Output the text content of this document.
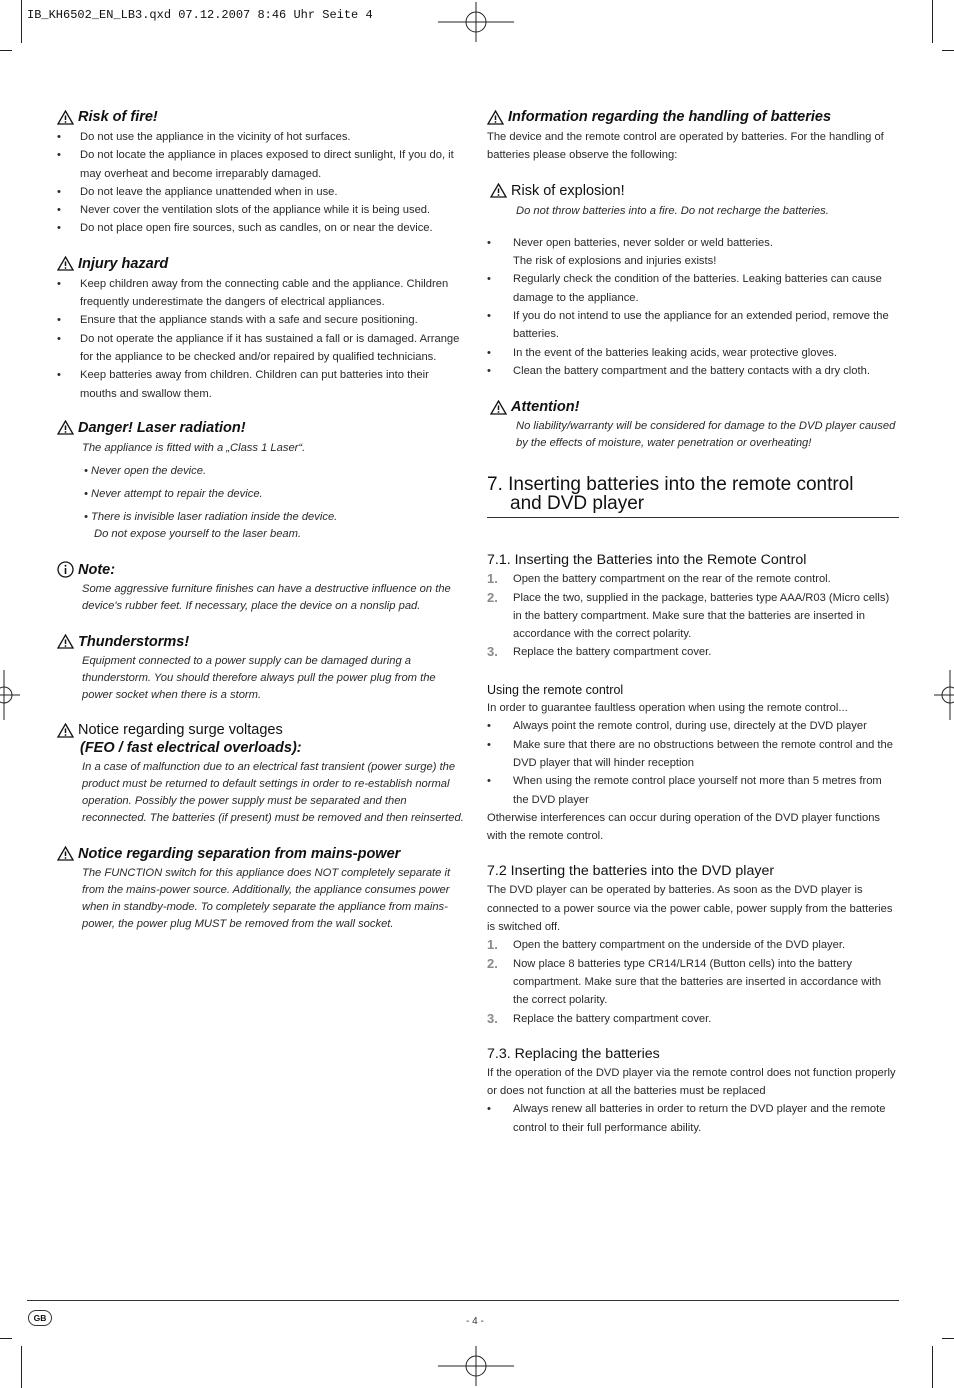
IB_KH6502_EN_LB3.qxd 07.12.2007 8:46 Uhr Seite 4
Risk of fire!
• Do not use the appliance in the vicinity of hot surfaces.
• Do not locate the appliance in places exposed to direct sunlight, If you do, it may overheat and become irreparably damaged.
• Do not leave the appliance unattended when in use.
• Never cover the ventilation slots of the appliance while it is being used.
• Do not place open fire sources, such as candles, on or near the device.
Injury hazard
• Keep children away from the connecting cable and the appliance. Children frequently underestimate the dangers of electrical appliances.
• Ensure that the appliance stands with a safe and secure positioning.
• Do not operate the appliance if it has sustained a fall or is damaged. Arrange for the appliance to be checked and/or repaired by qualified technicians.
• Keep batteries away from children. Children can put batteries into their mouths and swallow them.
Danger! Laser radiation!
The appliance is fitted with a „Class 1 Laser“.
• Never open the device.
• Never attempt to repair the device.
• There is invisible laser radiation inside the device.
Do not expose yourself to the laser beam.
Note:
Some aggressive furniture finishes can have a destructive influence on the device's rubber feet. If necessary, place the device on a nonslip pad.
Thunderstorms!
Equipment connected to a power supply can be damaged during a thunderstorm. You should therefore always pull the power plug from the power socket when there is a storm.
Notice regarding surge voltages
(FEO / fast electrical overloads):
In a case of malfunction due to an electrical fast transient (power surge) the product must be returned to default settings in order to re-establish normal operation. Possibly the power supply must be separated and then reconnected. The batteries (if present) must be removed and then reinserted.
Notice regarding separation from mains-power
The FUNCTION switch for this appliance does NOT completely separate it from the mains-power source. Additionally, the appliance consumes power when in standby-mode. To completely separate the appliance from mains-power, the power plug MUST be removed from the wall socket.
Information regarding the handling of batteries
The device and the remote control are operated by batteries. For the handling of batteries please observe the following:
Risk of explosion!
Do not throw batteries into a fire. Do not recharge the batteries.
• Never open batteries, never solder or weld batteries.
The risk of explosions and injuries exists!
• Regularly check the condition of the batteries. Leaking batteries can cause damage to the appliance.
• If you do not intend to use the appliance for an extended period, remove the batteries.
• In the event of the batteries leaking acids, wear protective gloves.
• Clean the battery compartment and the battery contacts with a dry cloth.
Attention!
No liability/warranty will be considered for damage to the DVD player caused by the effects of moisture, water penetration or overheating!
7. Inserting batteries into the remote control
and DVD player
7.1. Inserting the Batteries into the Remote Control
1. Open the battery compartment on the rear of the remote control.
2. Place the two, supplied in the package, batteries type AAA/R03 (Micro cells) in the battery compartment. Make sure that the batteries are inserted in accordance with the correct polarity.
3. Replace the battery compartment cover.
Using the remote control
In order to guarantee faultless operation when using the remote control...
• Always point the remote control, during use, directely at the DVD player
• Make sure that there are no obstructions between the remote control and the DVD player that will hinder reception
• When using the remote control place yourself not more than 5 metres from the DVD player
Otherwise interferences can occur during operation of the DVD player functions with the remote control.
7.2 Inserting the batteries into the DVD player
The DVD player can be operated by batteries. As soon as the DVD player is connected to a power source via the power cable, power supply from the batteries is switched off.
1. Open the battery compartment on the underside of the DVD player.
2. Now place 8 batteries type CR14/LR14 (Button cells) into the battery compartment. Make sure that the batteries are inserted in accordance with the correct polarity.
3. Replace the battery compartment cover.
7.3. Replacing the batteries
If the operation of the DVD player via the remote control does not function properly or does not function at all the batteries must be replaced
• Always renew all batteries in order to return the DVD player and the remote control to their full performance ability.
GB	- 4 -
